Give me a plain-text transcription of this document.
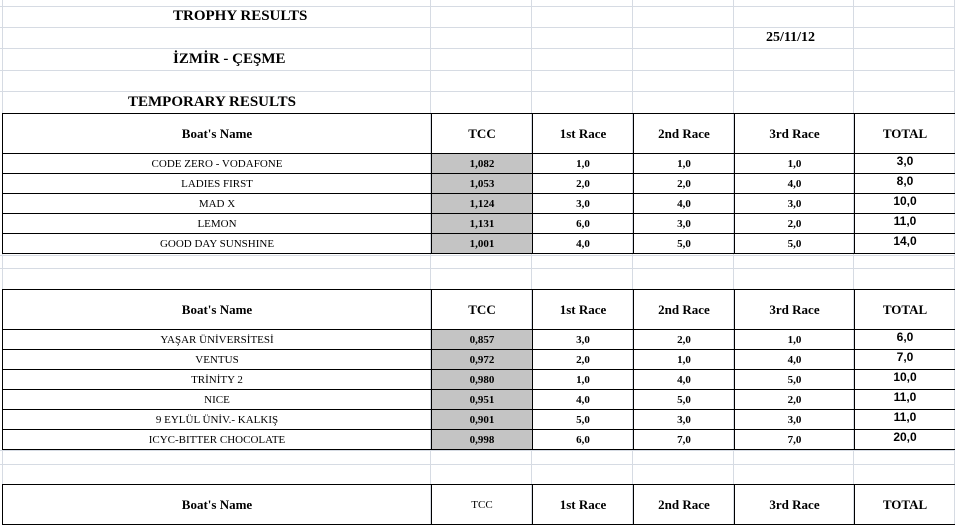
TROPHY RESULTS
25/11/12
İZMİR - ÇEŞME
TEMPORARY RESULTS
Boat's Name	TCC	1st Race	2nd Race	3rd Race	TOTAL
CODE ZERO - VODAFONE	1,082	1,0	1,0	1,0	3,0
LADIES FIRST	1,053	2,0	2,0	4,0	8,0
MAD X	1,124	3,0	4,0	3,0	10,0
LEMON	1,131	6,0	3,0	2,0	11,0
GOOD DAY SUNSHINE	1,001	4,0	5,0	5,0	14,0
Boat's Name	TCC	1st Race	2nd Race	3rd Race	TOTAL
YAŞAR ÜNİVERSİTESİ	0,857	3,0	2,0	1,0	6,0
VENTUS	0,972	2,0	1,0	4,0	7,0
TRİNİTY 2	0,980	1,0	4,0	5,0	10,0
NICE	0,951	4,0	5,0	2,0	11,0
9 EYLÜL ÜNİV.- KALKIŞ	0,901	5,0	3,0	3,0	11,0
ICYC-BITTER CHOCOLATE	0,998	6,0	7,0	7,0	20,0
Boat's Name	TCC	1st Race	2nd Race	3rd Race	TOTAL
